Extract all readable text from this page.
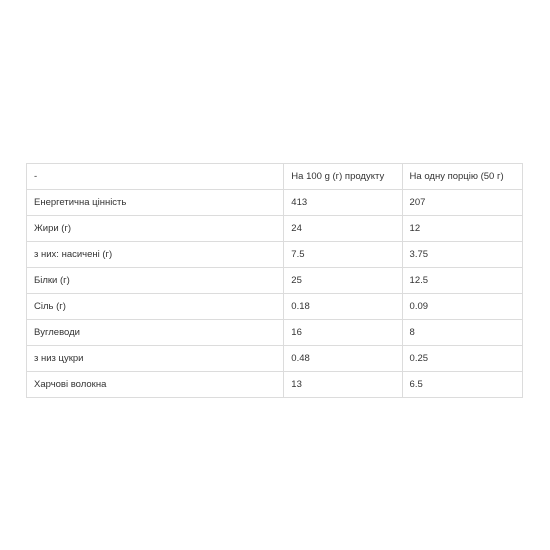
-	На 100 g (г) продукту	На одну порцію (50 г)
Енергетична цінність	413	207
Жири (г)	24	12
з них: насичені (г)	7.5	3.75
Білки (г)	25	12.5
Сіль (г)	0.18	0.09
Вуглеводи	16	8
з низ цукри	0.48	0.25
Харчові волокна	13	6.5
